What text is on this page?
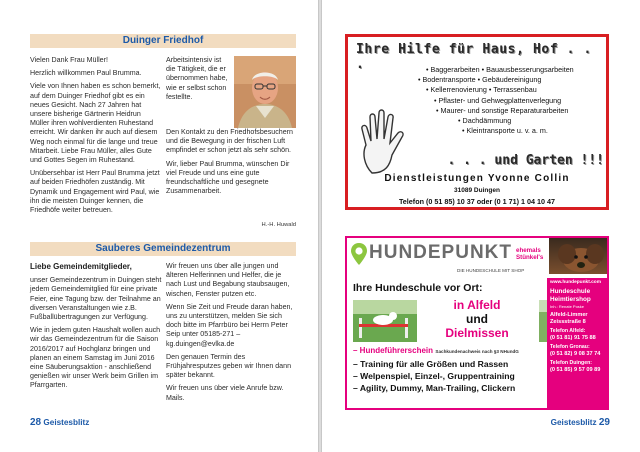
Duinger Friedhof

Vielen Dank Frau Müller!

Herzlich willkommen Paul Brumma.

Viele von Ihnen haben es schon bemerkt, auf dem Duinger Friedhof gibt es ein neues Gesicht. Nach 27 Jahren hat unsere bisherige Gärtnerin Heidrun Müller ihren wohlverdienten Ruhestand erreicht. Wir danken ihr auch auf diesem Weg noch einmal für die lange und treue Mitarbeit. Liebe Frau Müller, alles Gute und Gottes Segen im Ruhestand.

Unübersehbar ist Herr Paul Brumma jetzt auf beiden Friedhöfen zuständig. Mit Dynamik und Engagement wird Paul, wie ihn die meisten Duinger kennen, die Friedhöfe weiter betreuen.

Arbeitsintensiv ist die Tätigkeit, die er übernommen habe, wie er selbst schon festellte.

Den Kontakt zu den Friedhofsbesuchern und die Bewegung in der frischen Luft empfindet er schon jetzt als sehr schön.

Wir, lieber Paul Brumma, wünschen Dir viel Freude und uns eine gute freundschaftliche und gesegnete Zusammenarbeit.

H.-H. Huwald
Sauberes Gemeindezentrum
Liebe Gemeindemitglieder,

unser Gemeindezentrum in Duingen steht jedem Gemeindemitglied für eine private Feier, eine Tagung bzw. der Teilnahme an diversen Veranstaltungen wie z.B. Fußballübertragungen zur Verfügung.

Wie in jedem guten Haushalt wollen auch wir das Gemeindezentrum für die Saison 2016/2017 auf Hochglanz bringen und planen an einem Samstag im Juni 2016 eine Säuberungsaktion - anschließend genießen wir unser Werk beim Grillen im Pfarrgarten.

Wir freuen uns über alle jungen und älteren Helferinnen und Helfer, die je nach Lust und Begabung staubsaugen, wischen, Fenster putzen etc.

Wenn Sie Zeit und Freude daran haben, uns zu unterstützen, melden Sie sich doch bitte im Pfarrbüro bei Herrn Peter Seip unter 05185-271 – kg.duingen@evlka.de

Den genauen Termin des Frühjahresputzes geben wir Ihnen dann später bekannt.

Wir freuen uns über viele Anrufe bzw. Mails.

28 Geistesblitz	Geistesblitz 29
Ihre Hilfe für Haus, Hof . . .	• Baggerarbeiten • Bauausbesserungsarbeiten
• Bodentransporte • Gebäudereinigung
• Kellerrenovierung • Terrassenbau
• Pflaster- und Gehwegplattenverlegung
• Maurer- und sonstige Reparaturarbeiten
• Dachdämmung
• Kleintransporte u. v. a. m.
. . . und Garten !!!
Dienstleistungen Yvonne Collin
31089 Duingen
Telefon (0 51 85) 10 37 oder (0 1 71) 1 04 10 47
HUNDEPUNKT
DIE HUNDESCHULE MIT SHOP
ehemals Stünkel's
Ihre Hundeschule vor Ort:
in Alfeld
und
Dielmissen
– Hundeführerschein Sachkundenachweis nach §3 NHundG
– Training für alle Größen und Rassen
– Welpenspiel, Einzel-, Gruppentraining
– Agility, Dummy, Man-Trailing, Clickern
www.hundepunkt.com
Hundeschule Heimtiershop
Inh.: Renate Poske
Alfeld-Limmer
Zeissstraße 8
Telefon Alfeld:
(0 51 81) 91 75 88
Telefon Gronau:
(0 51 82) 9 08 37 74
Telefon Duingen:
(0 51 85) 9 57 09 89
